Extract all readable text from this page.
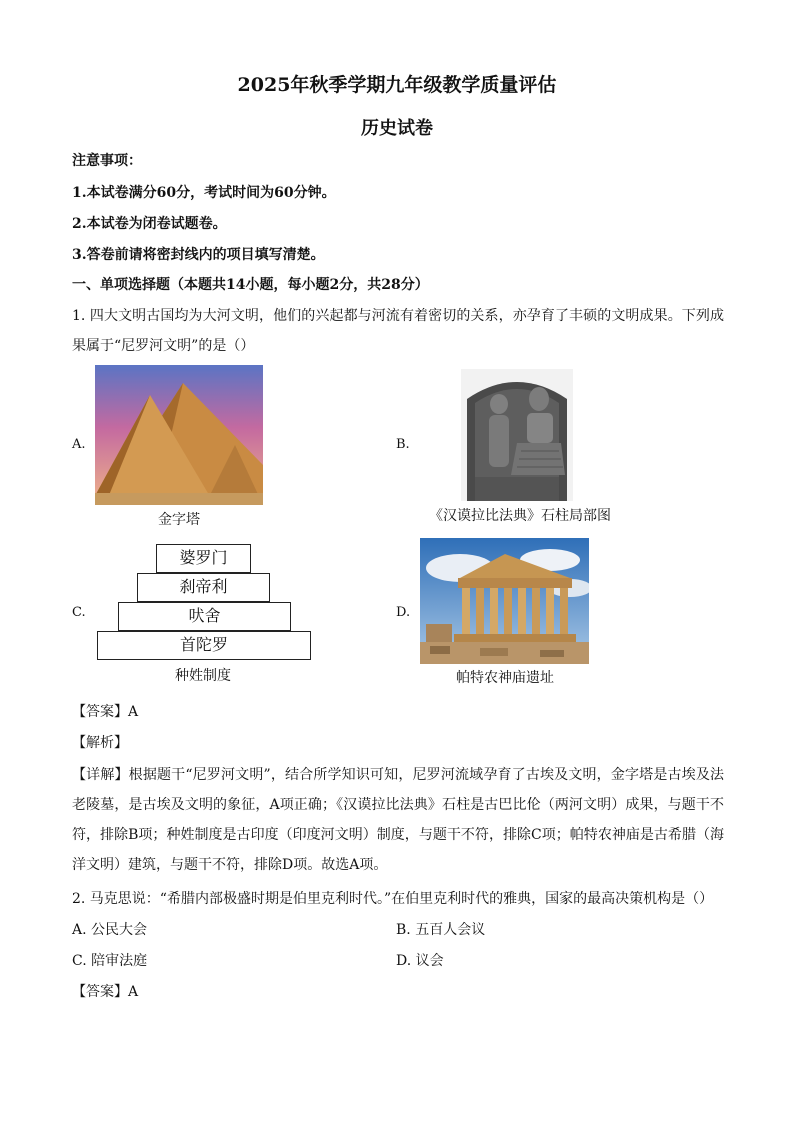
2025年秋季学期九年级教学质量评估
历史试卷
注意事项：
1.本试卷满分60分，考试时间为60分钟。
2.本试卷为闭卷试题卷。
3.答卷前请将密封线内的项目填写清楚。
一、单项选择题（本题共14小题，每小题2分，共28分）
1. 四大文明古国均为大河文明，他们的兴起都与河流有着密切的关系，亦孕育了丰硕的文明成果。下列成果属于“尼罗河文明”的是（）
A.
金字塔
B.
《汉谟拉比法典》石柱局部图
C.
婆罗门
刹帝利
吠舍
首陀罗
种姓制度
D.
帕特农神庙遗址
【答案】A
【解析】
【详解】根据题干“尼罗河文明”，结合所学知识可知，尼罗河流域孕育了古埃及文明，金字塔是古埃及法老陵墓，是古埃及文明的象征，A项正确；《汉谟拉比法典》石柱是古巴比伦（两河文明）成果，与题干不符，排除B项；种姓制度是古印度（印度河文明）制度，与题干不符，排除C项；帕特农神庙是古希腊（海洋文明）建筑，与题干不符，排除D项。故选A项。
2. 马克思说：“希腊内部极盛时期是伯里克利时代。”在伯里克利时代的雅典，国家的最高决策机构是（）
A. 公民大会	B. 五百人会议
C. 陪审法庭	D. 议会
【答案】A
